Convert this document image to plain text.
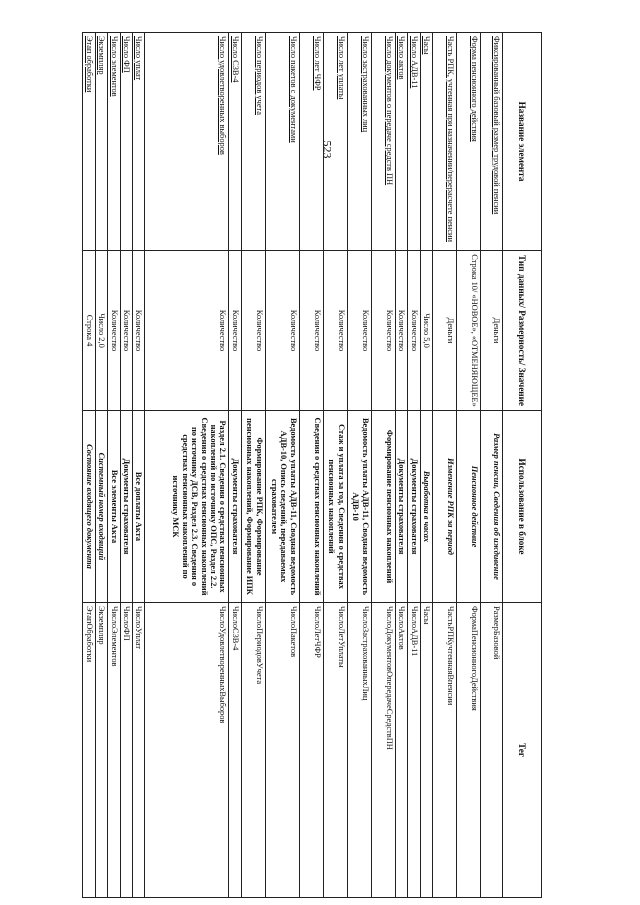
523	Название элемента	Тип данных/ Размерность/ Значение	Использование в блоке	Тег
Фиксированный базовый размер трудовой пенсии	Деньги	Размер пенсии, Сведения об иждивение	РазмерБазовой
Форма пенсионного действия	Строка 10/ «НОВОЕ», «ОТМЕНЯЮЩЕЕ»	Пенсионное действие	ФормаПенсионногоДействия
Часть РПК, учтенная при назначении/перерасчете пенсии	Деньги	Изменение РПК за период	ЧастьРПКучтеннаяВпенсии
Часы	Число 5,0	Выработка в часах	Часы
Число АДВ-11	Количество	Документы страхователя	ЧислоАДВ-11
Число актов	Количество	Документы страхователя	ЧислоАктов
Число документов о передаче средств ПН	Количество	Формирование пенсионных накоплений	ЧислоДокументовОпередачеСредствПН
Число застрахованных лиц	Количество	Ведомость уплаты АДВ-11, Сводная ведомость АДВ-10	ЧислоЗастрахованныхЛиц
Число лет уплаты	Количество	Стаж и уплата за год, Сведения о средствах пенсионных накоплений	ЧислоЛетУплаты
Число лет ЧФР	Количество	Сведения о средствах пенсионных накоплений	ЧислоЛетЧФР
Число пакетов с документами	Количество	Ведомость уплаты АДВ-11, Сводная ведомость АДВ-10, Опись сведений, передаваемых страхователем	ЧислоПакетов
Число периодов учета	Количество	Формирование РПК, Формирование пенсионных накоплений, Формирование ИПК	ЧислоПериодовУчета
Число СЗВ-4	Количество	Документы страхователя	ЧислоСЗВ-4
Число удовлетворенных выборов	Количество	Раздел 2.1. Сведения о средствах пенсионных накоплений по источнику ОПС, Раздел 2.2. Сведения о средствах пенсионных накоплений по источнику ДСВ, Раздел 2.3. Сведения о средствах пенсионных накоплений по источнику МСК	ЧислоУдовлетворенныхВыборов
Число уплат	Количество	Все доплаты Акта	ЧислоУплат
Число ФП	Количество	Документы страхователя	ЧислоФП
Число элементов	Количество	Все элементы Акта	ЧислоЭлементов
Экземпляр	Число 2,0	Системный номер входящий	Экземпляр
Этап обработки	Строка 4	Состояние входящего документа	ЭтапОбработки
